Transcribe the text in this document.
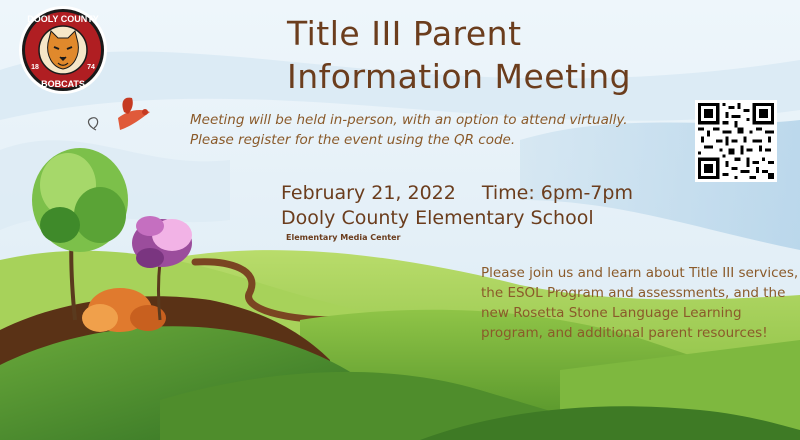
DOOLY COUNTY
BOBCATS
18	74
Title III Parent
Information Meeting
Meeting will be held in-person, with an option to attend virtually. Please register for the event using the QR code.
February 21, 2022 Time: 6pm-7pm
Dooly County Elementary School
Elementary Media Center
Please join us and learn about Title III services, the ESOL Program and assessments, and the new Rosetta Stone Language Learning program, and additional parent resources!
